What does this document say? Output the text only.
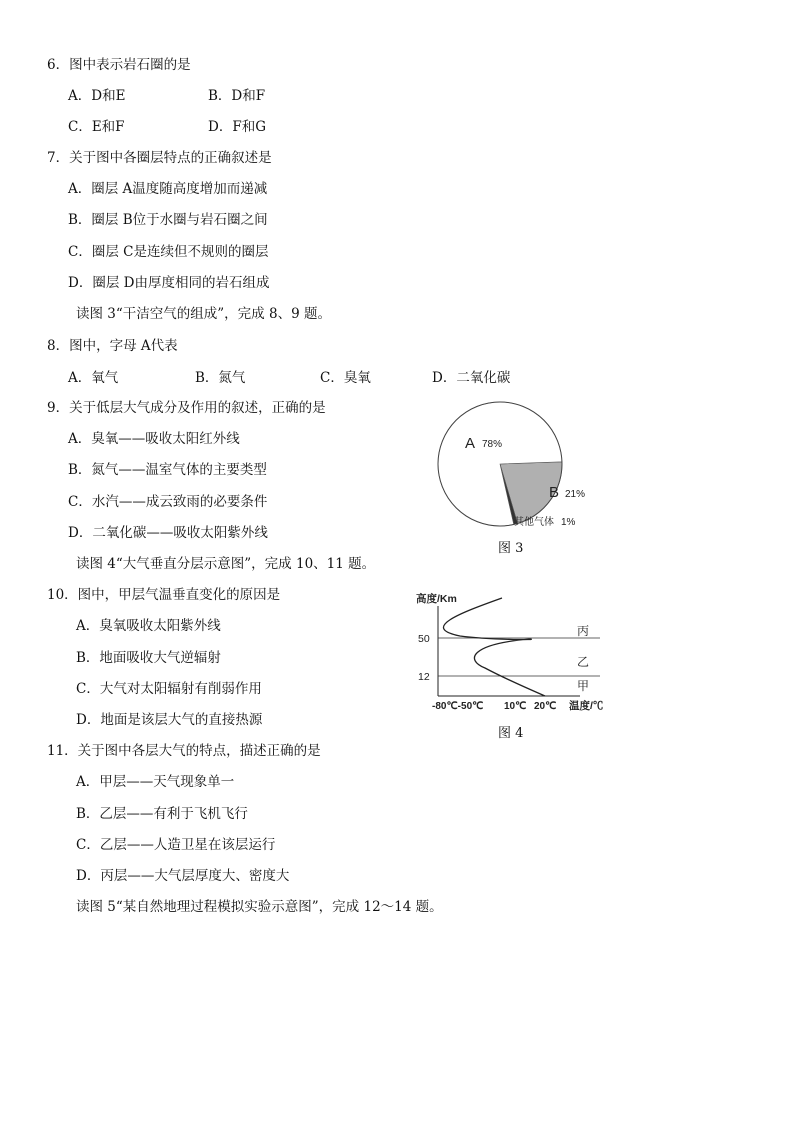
6．图中表示岩石圈的是
A．D和E	B．D和F
C．E和F	D．F和G
7．关于图中各圈层特点的正确叙述是
A．圈层 A温度随高度增加而递减
B．圈层 B位于水圈与岩石圈之间
C．圈层 C是连续但不规则的圈层
D．圈层 D由厚度相同的岩石组成
读图 3“干洁空气的组成”，完成 8、9 题。
8．图中，字母 A代表
A．氧气	B．氮气	C．臭氧	D．二氧化碳
9．关于低层大气成分及作用的叙述，正确的是
A．臭氧——吸收太阳红外线
B．氮气——温室气体的主要类型
C．水汽——成云致雨的必要条件
D．二氧化碳——吸收太阳紫外线
读图 4“大气垂直分层示意图”，完成 10、11 题。
10．图中，甲层气温垂直变化的原因是
A．臭氧吸收太阳紫外线
B．地面吸收大气逆辐射
C．大气对太阳辐射有削弱作用
D．地面是该层大气的直接热源
11．关于图中各层大气的特点，描述正确的是
A．甲层——天气现象单一
B．乙层——有利于飞机飞行
C．乙层——人造卫星在该层运行
D．丙层——大气层厚度大、密度大
读图 5“某自然地理过程模拟实验示意图”，完成 12～14 题。
A 78%
B 21%
其他气体 1%
图 3
高度/Km
50
12
丙
乙
甲
-80℃-50℃ 10℃ 20℃ 温度/℃
图 4
